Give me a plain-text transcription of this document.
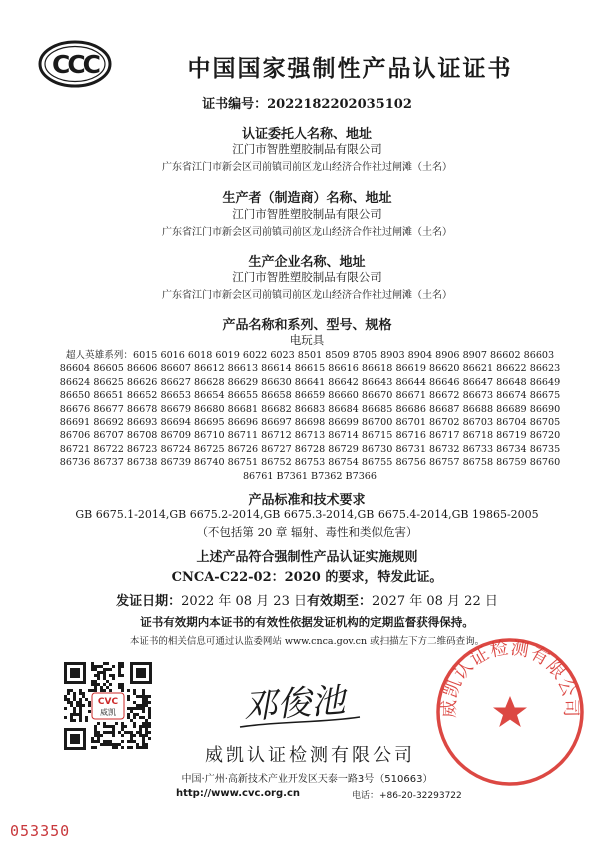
CCC	中国国家强制性产品认证证书
证书编号：2022182202035102
认证委托人名称、地址
江门市智胜塑胶制品有限公司
广东省江门市新会区司前镇司前区龙山经济合作社过闸滩（土名）
生产者（制造商）名称、地址
江门市智胜塑胶制品有限公司
广东省江门市新会区司前镇司前区龙山经济合作社过闸滩（土名）
生产企业名称、地址
江门市智胜塑胶制品有限公司
广东省江门市新会区司前镇司前区龙山经济合作社过闸滩（土名）
产品名称和系列、型号、规格
电玩具
超人英雄系列：6015 6016 6018 6019 6022 6023 8501 8509 8705 8903 8904 8906 8907 86602 86603
86604 86605 86606 86607 86612 86613 86614 86615 86616 86618 86619 86620 86621 86622 86623
86624 86625 86626 86627 86628 86629 86630 86641 86642 86643 86644 86646 86647 86648 86649
86650 86651 86652 86653 86654 86655 86658 86659 86660 86670 86671 86672 86673 86674 86675
86676 86677 86678 86679 86680 86681 86682 86683 86684 86685 86686 86687 86688 86689 86690
86691 86692 86693 86694 86695 86696 86697 86698 86699 86700 86701 86702 86703 86704 86705
86706 86707 86708 86709 86710 86711 86712 86713 86714 86715 86716 86717 86718 86719 86720
86721 86722 86723 86724 86725 86726 86727 86728 86729 86730 86731 86732 86733 86734 86735
86736 86737 86738 86739 86740 86751 86752 86753 86754 86755 86756 86757 86758 86759 86760
86761 B7361 B7362 B7366
产品标准和技术要求
GB 6675.1-2014,GB 6675.2-2014,GB 6675.3-2014,GB 6675.4-2014,GB 19865-2005
（不包括第 20 章 辐射、毒性和类似危害）
上述产品符合强制性产品认证实施规则
CNCA-C22-02：2020 的要求，特发此证。
发证日期：2022 年 08 月 23 日有效期至：2027 年 08 月 22 日
证书有效期内本证书的有效性依据发证机构的定期监督获得保持。
本证书的相关信息可通过认监委网站 www.cnca.gov.cn 或扫描左下方二维码查询。
CVC
威凯	邓俊池	威凯认证检测有限公司
威凯认证检测有限公司
中国·广州·高新技术产业开发区天泰一路3号（510663）
http://www.cvc.org.cn	电话：+86-20-32293722
053350
